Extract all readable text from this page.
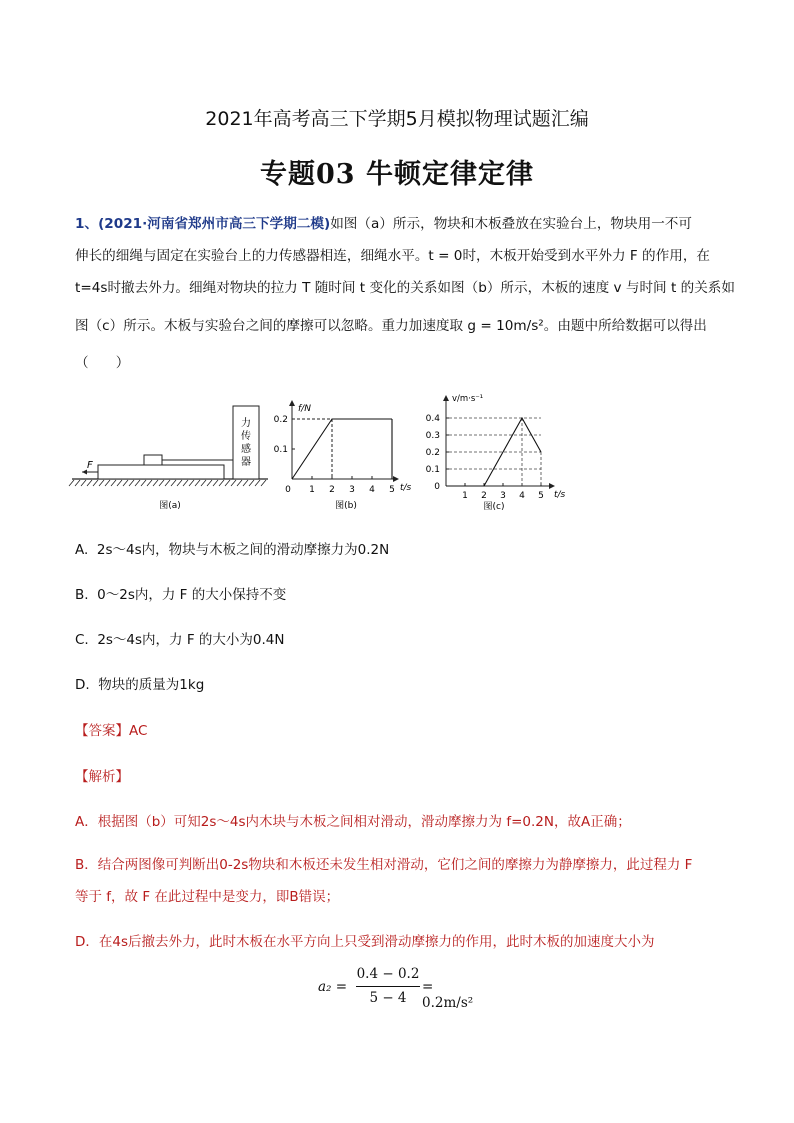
2021年高考高三下学期5月模拟物理试题汇编
专题03 牛顿定律定律
1、(2021·河南省郑州市高三下学期二模)如图（a）所示，物块和木板叠放在实验台上，物块用一不可
伸长的细绳与固定在实验台上的力传感器相连，细绳水平。t = 0时，木板开始受到水平外力 F 的作用，在
t=4s时撤去外力。细绳对物块的拉力 T 随时间 t 变化的关系如图（b）所示，木板的速度 v 与时间 t 的关系如
图（c）所示。木板与实验台之间的摩擦可以忽略。重力加速度取 g = 10m/s²。由题中所给数据可以得出
（　　）
力
传
感
器
F
图(a)
f/N
t/s
0 1 2 3 4 5
0.2
0.1
图(b)
v/m·s⁻¹
t/s
1 2 3 4 5
0.4
0.3
0.2
0.1
0
图(c)
A. 2s～4s内，物块与木板之间的滑动摩擦力为0.2N
B. 0～2s内，力 F 的大小保持不变
C. 2s～4s内，力 F 的大小为0.4N
D. 物块的质量为1kg
【答案】AC
【解析】
A．根据图（b）可知2s～4s内木块与木板之间相对滑动，滑动摩擦力为 f=0.2N，故A正确；
B．结合两图像可判断出0-2s物块和木板还未发生相对滑动，它们之间的摩擦力为静摩擦力，此过程力 F
等于 f，故 F 在此过程中是变力，即B错误；
D．在4s后撤去外力，此时木板在水平方向上只受到滑动摩擦力的作用，此时木板的加速度大小为
a₂ =
0.4 − 0.2
5 − 4
= 0.2m/s²
